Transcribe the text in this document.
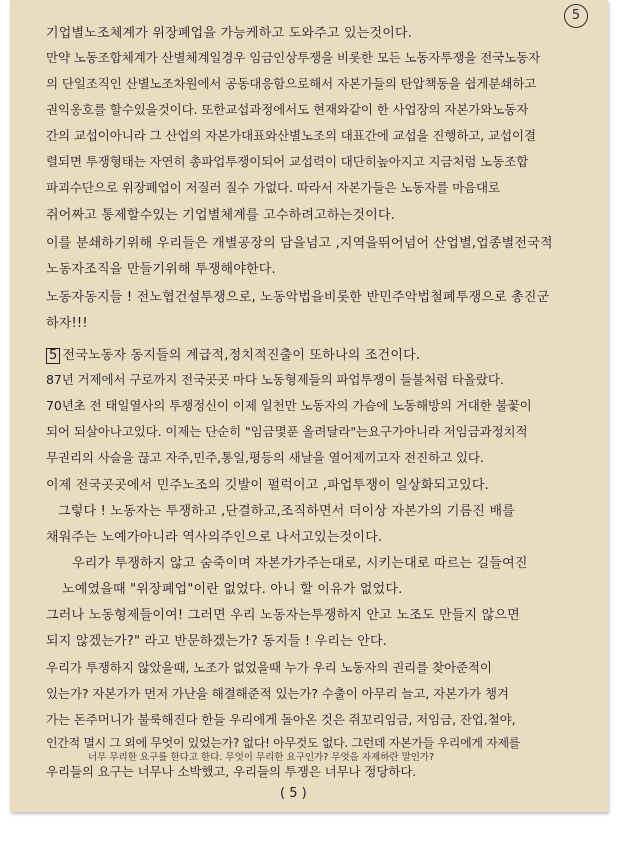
5
기업별노조체계가 위장폐업을 가능케하고 도와주고 있는것이다.
만약 노동조합체계가 산별체계일경우 임금인상투쟁을 비롯한 모든 노동자투쟁을 전국노동자
의 단일조직인 산별노조차원에서 공동대응함으로해서 자본가들의 탄압책동을 쉽게분쇄하고
권익옹호를 할수있을것이다. 또한교섭과정에서도 현재와같이 한 사업장의 자본가와노동자
간의 교섭이아니라 그 산업의 자본가대표와산별노조의 대표간에 교섭을 진행하고, 교섭이결
렬되면 투쟁형태는 자연히 총파업투쟁이되어 교섭력이 대단히높아지고 지금처럼 노동조합
파괴수단으로 위장폐업이 저질러 질수 가없다. 따라서 자본가들은 노동자를 마음대로
쥐어짜고 통제할수있는 기업별체계를 고수하려고하는것이다.
이를 분쇄하기위해 우리들은 개별공장의 담을넘고 ,지역을뛰어넘어 산업별,업종별전국적
노동자조직을 만들기위해 투쟁해야한다.
노동자동지들 ! 전노협건설투쟁으로, 노동악법을비롯한 반민주악법철폐투쟁으로 총진군
하자!!!
5 전국노동자 동지들의 계급적,정치적진출이 또하나의 조건이다.
87년 거제에서 구로까지 전국곳곳 마다 노동형제들의 파업투쟁이 들불처럼 타올랐다.
70년초 전 태일열사의 투쟁정신이 이제 일천만 노동자의 가슴에 노동해방의 거대한 불꽃이
되어 되살아나고있다. 이제는 단순히 "임금몇푼 올려달라"는요구가아니라 저임금과정치적
무권리의 사슬을 끊고 자주,민주,통일,평등의 새날을 열어제끼고자 전진하고 있다.
이제 전국곳곳에서 민주노조의 깃발이 펄럭이고 ,파업투쟁이 일상화되고있다.
그렇다 ! 노동자는 투쟁하고 ,단결하고,조직하면서 더이상 자본가의 기름진 배를
채워주는 노예가아니라 역사의주인으로 나서고있는것이다.
우리가 투쟁하지 않고 숨죽이며 자본가가주는대로, 시키는대로 따르는 길들여진
노예였을때 "위장폐업"이란 없었다. 아니 할 이유가 없었다.
그러나 노동형제들이여! 그러면 우리 노동자는투쟁하지 안고 노조도 만들지 않으면
되지 않겠는가?" 라고 반문하겠는가? 동지들 ! 우리는 안다.
우리가 투쟁하지 않았을때, 노조가 없었을때 누가 우리 노동자의 권리를 찾아준적이
있는가? 자본가가 먼저 가난을 해결해준적 있는가? 수출이 아무리 늘고, 자본가가 챙겨
가는 돈주머니가 불룩해진다 한들 우리에게 돌아온 것은 쥐꼬리임금, 저임금, 잔업,철야,
인간적 멸시 그 외에 무엇이 있었는가? 없다! 아무것도 없다. 그런데 자본가들 우리에게 자제를
너무 무리한 요구를 한다고 한다. 무엇이 무리한 요구인가? 무엇을 자제하란 말인가?
우리들의 요구는 너무나 소박했고, 우리들의 투쟁은 너무나 정당하다.
( 5 )
